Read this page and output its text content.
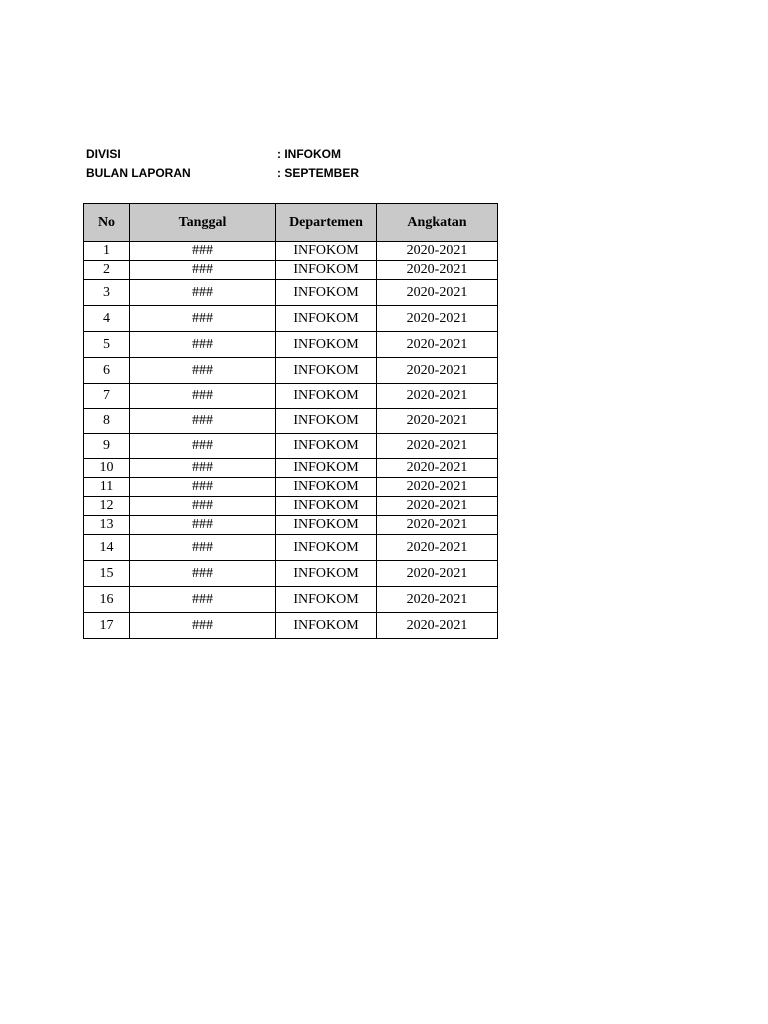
DIVISI	: INFOKOM
BULAN LAPORAN	: SEPTEMBER
No	Tanggal	Departemen	Angkatan
1	###	INFOKOM	2020-2021
2	###	INFOKOM	2020-2021
3	###	INFOKOM	2020-2021
4	###	INFOKOM	2020-2021
5	###	INFOKOM	2020-2021
6	###	INFOKOM	2020-2021
7	###	INFOKOM	2020-2021
8	###	INFOKOM	2020-2021
9	###	INFOKOM	2020-2021
10	###	INFOKOM	2020-2021
11	###	INFOKOM	2020-2021
12	###	INFOKOM	2020-2021
13	###	INFOKOM	2020-2021
14	###	INFOKOM	2020-2021
15	###	INFOKOM	2020-2021
16	###	INFOKOM	2020-2021
17	###	INFOKOM	2020-2021
